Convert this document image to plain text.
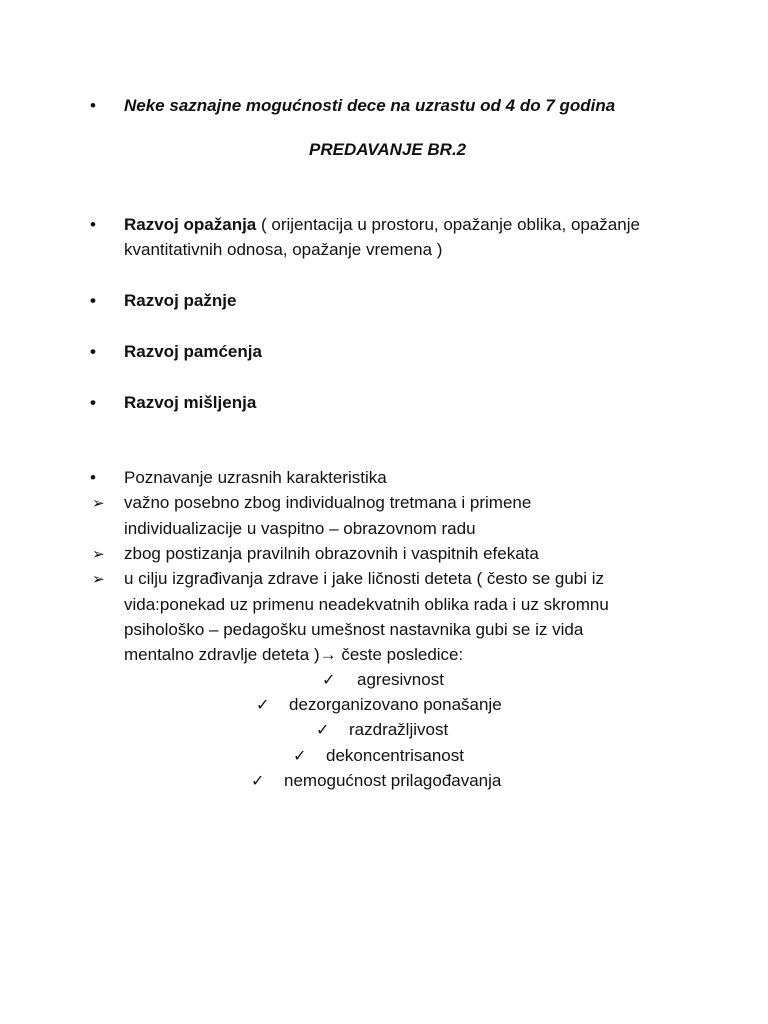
• Neke saznajne mogućnosti dece na uzrastu od 4 do 7 godina
PREDAVANJE BR.2
• Razvoj opažanja ( orijentacija u prostoru, opažanje oblika, opažanje
kvantitativnih odnosa, opažanje vremena )
• Razvoj pažnje
• Razvoj pamćenja
• Razvoj mišljenja
• Poznavanje uzrasnih karakteristika
➢ važno posebno zbog individualnog tretmana i primene
individualizacije u vaspitno – obrazovnom radu
➢ zbog postizanja pravilnih obrazovnih i vaspitnih efekata
➢ u cilju izgrađivanja zdrave i jake ličnosti deteta ( često se gubi iz
vida:ponekad uz primenu neadekvatnih oblika rada i uz skromnu
psihološko – pedagošku umešnost nastavnika gubi se iz vida
mentalno zdravlje deteta )→ česte posledice:
✓ agresivnost
✓ dezorganizovano ponašanje
✓ razdražljivost
✓ dekoncentrisanost
✓ nemogućnost prilagođavanja
